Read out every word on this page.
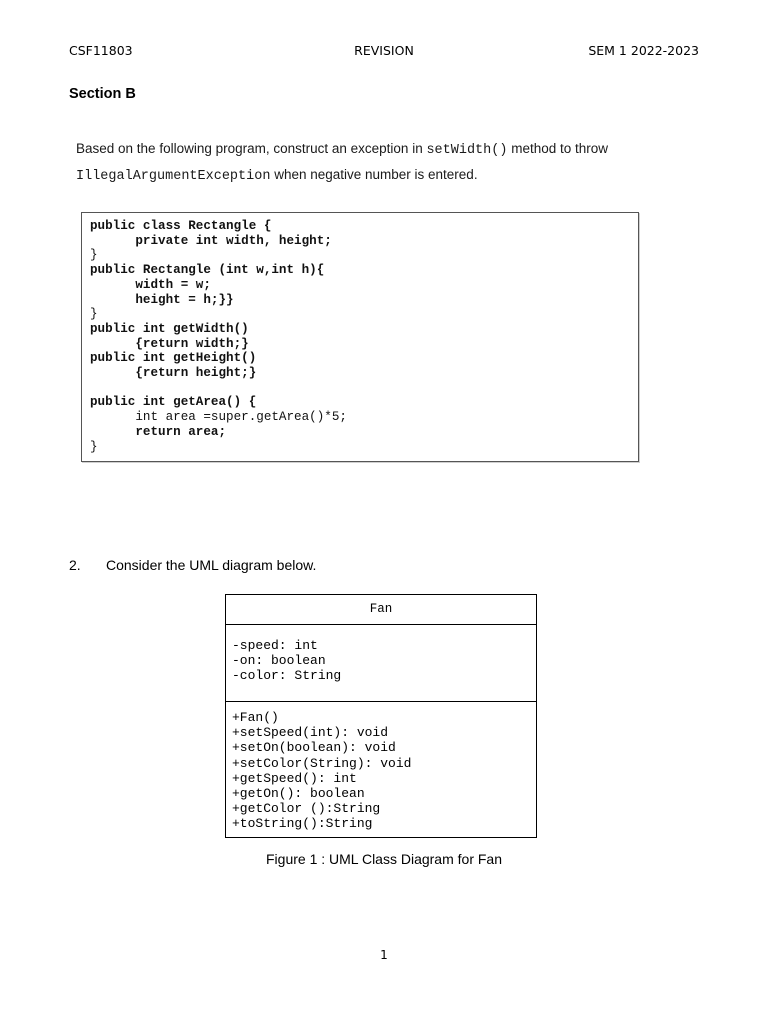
CSF11803	REVISION	SEM 1 2022-2023
Section B
Based on the following program, construct an exception in setWidth() method to throw
IllegalArgumentException when negative number is entered.
public class Rectangle {
private int width, height;
}
public Rectangle (int w,int h){
width = w;
height = h;}}
}
public int getWidth()
{return width;}
public int getHeight()
{return height;}

public int getArea() {
int area =super.getArea()*5;
return area;
}
2. Consider the UML diagram below.
Fan
-speed: int
-on: boolean
-color: String
+Fan()
+setSpeed(int): void
+setOn(boolean): void
+setColor(String): void
+getSpeed(): int
+getOn(): boolean
+getColor ():String
+toString():String
Figure 1 : UML Class Diagram for Fan
1
